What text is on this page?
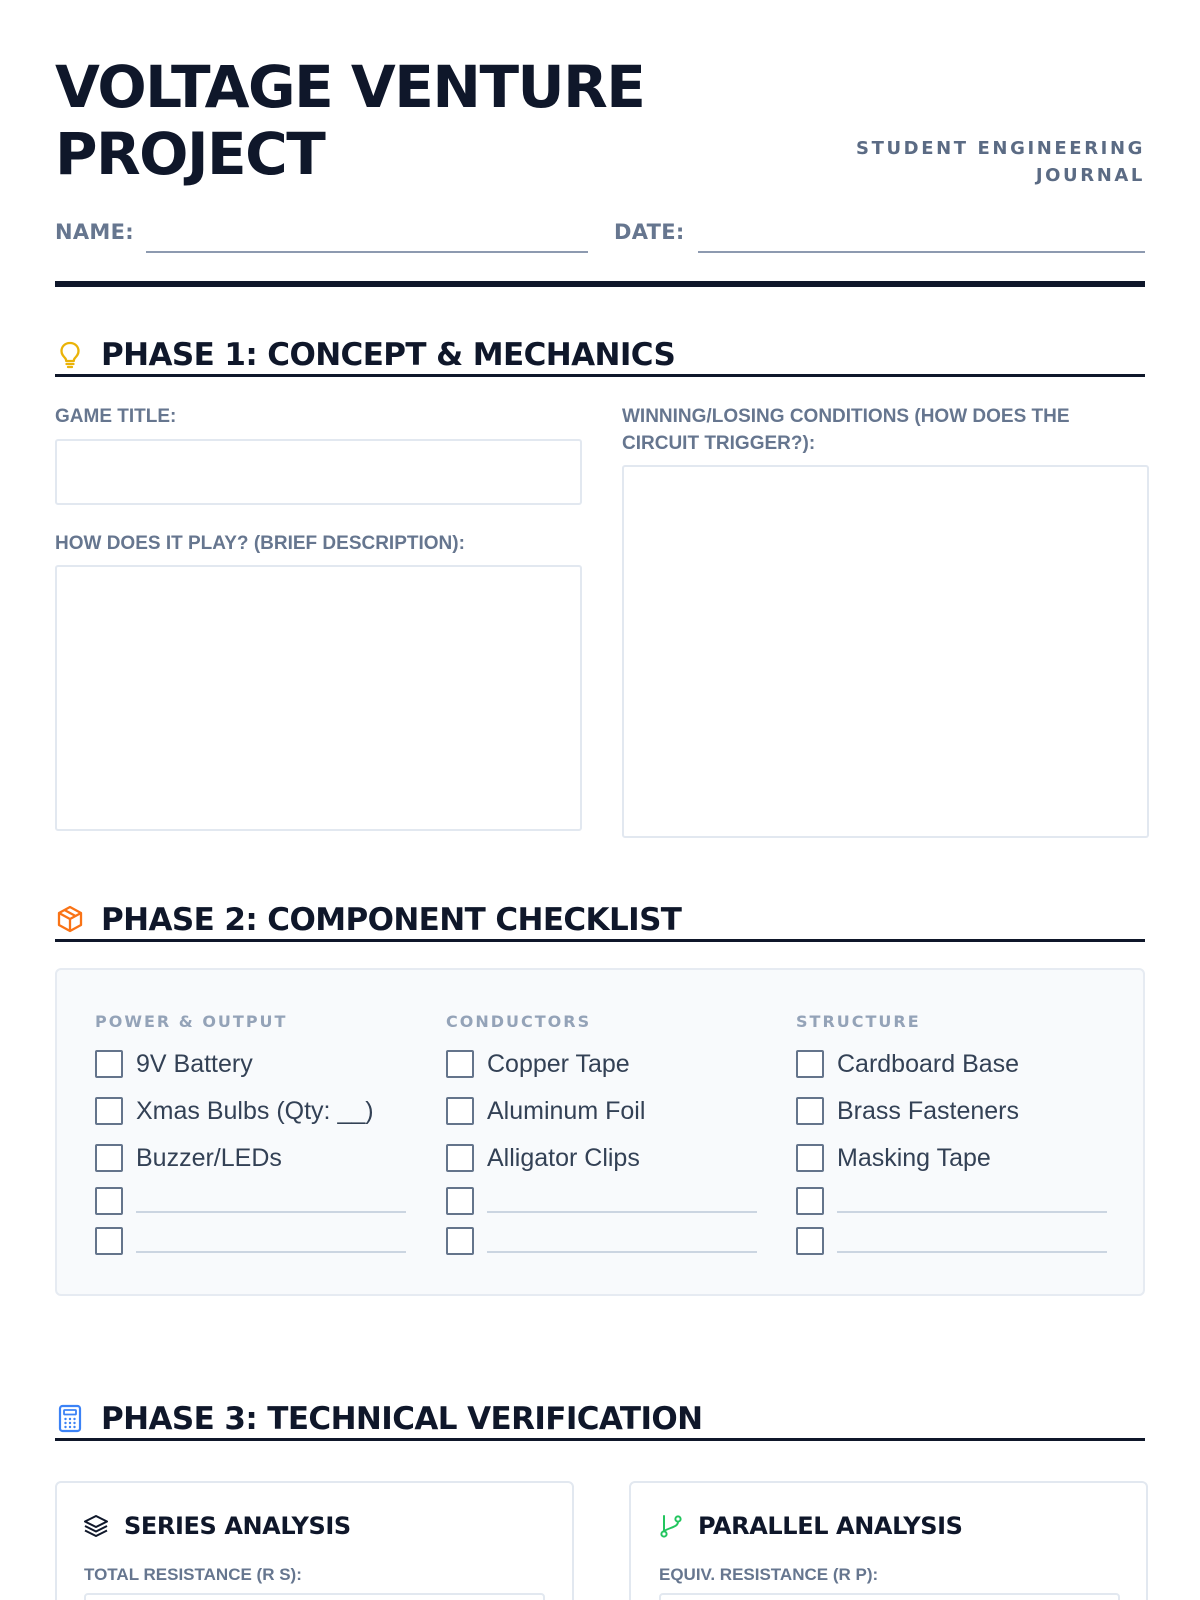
VOLTAGE VENTURE
PROJECT	STUDENT ENGINEERING
JOURNAL
NAME:	DATE:
PHASE 1: CONCEPT & MECHANICS
GAME TITLE:
HOW DOES IT PLAY? (BRIEF DESCRIPTION):
WINNING/LOSING CONDITIONS (HOW DOES THE
CIRCUIT TRIGGER?):
PHASE 2: COMPONENT CHECKLIST
POWER & OUTPUT
9V Battery
Xmas Bulbs (Qty: __)
Buzzer/LEDs
CONDUCTORS
Copper Tape
Aluminum Foil
Alligator Clips
STRUCTURE
Cardboard Base
Brass Fasteners
Masking Tape
PHASE 3: TECHNICAL VERIFICATION
SERIES ANALYSIS
TOTAL RESISTANCE (R S):
PARALLEL ANALYSIS
EQUIV. RESISTANCE (R P):
